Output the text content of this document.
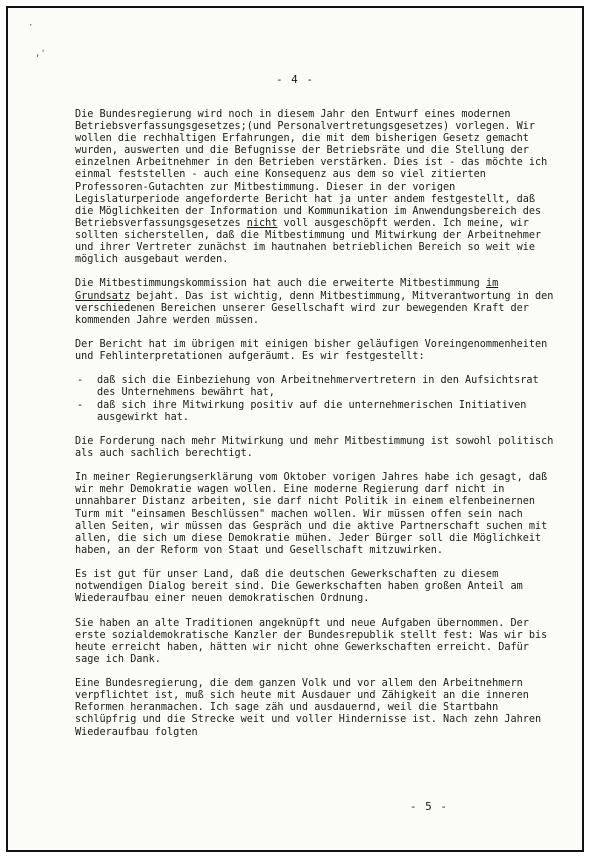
·
,'
- 4 -

Die Bundesregierung wird noch in diesem Jahr den Entwurf eines modernen Betriebsverfassungsgesetzes;(und Personalvertretungsgesetzes) vorlegen. Wir wollen die rechhaltigen Erfahrungen, die mit dem bisherigen Gesetz gemacht wurden, auswerten und die Befugnisse der Betriebsräte und die Stellung der einzelnen Arbeitnehmer in den Betrieben verstärken. Dies ist - das möchte ich einmal feststellen - auch eine Konsequenz aus dem so viel zitierten Professoren-Gutachten zur Mitbestimmung. Dieser in der vorigen Legislaturperiode angeforderte Bericht hat ja unter andem festgestellt, daß die Möglichkeiten der Information und Kommunikation im Anwendungsbereich des Betriebsverfassungsgesetzes nicht voll ausgeschöpft werden. Ich meine, wir sollten sicherstellen, daß die Mitbestimmung und Mitwirkung der Arbeitnehmer und ihrer Vertreter zunächst im hautnahen betrieblichen Bereich so weit wie möglich ausgebaut werden.

Die Mitbestimmungskommission hat auch die erweiterte Mitbestimmung im Grundsatz bejaht. Das ist wichtig, denn Mitbestimmung, Mitverantwortung in den verschiedenen Bereichen unserer Gesellschaft wird zur bewegenden Kraft der kommenden Jahre werden müssen.

Der Bericht hat im übrigen mit einigen bisher geläufigen Voreingenommenheiten und Fehlinterpretationen aufgeräumt. Es wir festgestellt:

-	daß sich die Einbeziehung von Arbeitnehmervertretern in den Aufsichtsrat des Unternehmens bewährt hat,
-	daß sich ihre Mitwirkung positiv auf die unternehmerischen Initiativen ausgewirkt hat.

Die Forderung nach mehr Mitwirkung und mehr Mitbestimmung ist sowohl politisch als auch sachlich berechtigt.

In meiner Regierungserklärung vom Oktober vorigen Jahres habe ich gesagt, daß wir mehr Demokratie wagen wollen. Eine moderne Regierung darf nicht in unnahbarer Distanz arbeiten, sie darf nicht Politik in einem elfenbeinernen Turm mit "einsamen Beschlüssen" machen wollen. Wir müssen offen sein nach allen Seiten, wir müssen das Gespräch und die aktive Partnerschaft suchen mit allen, die sich um diese Demokratie mühen. Jeder Bürger soll die Möglichkeit haben, an der Reform von Staat und Gesellschaft mitzuwirken.

Es ist gut für unser Land, daß die deutschen Gewerkschaften zu diesem notwendigen Dialog bereit sind. Die Gewerkschaften haben großen Anteil am Wiederaufbau einer neuen demokratischen Ordnung.

Sie haben an alte Traditionen angeknüpft und neue Aufgaben übernommen. Der erste sozialdemokratische Kanzler der Bundesrepublik stellt fest: Was wir bis heute erreicht haben, hätten wir nicht ohne Gewerkschaften erreicht. Dafür sage ich Dank.

Eine Bundesregierung, die dem ganzen Volk und vor allem den Arbeitnehmern verpflichtet ist, muß sich heute mit Ausdauer und Zähigkeit an die inneren Reformen heranmachen. Ich sage zäh und ausdauernd, weil die Startbahn schlüpfrig und die Strecke weit und voller Hindernisse ist. Nach zehn Jahren Wiederaufbau folgten

- 5 -
